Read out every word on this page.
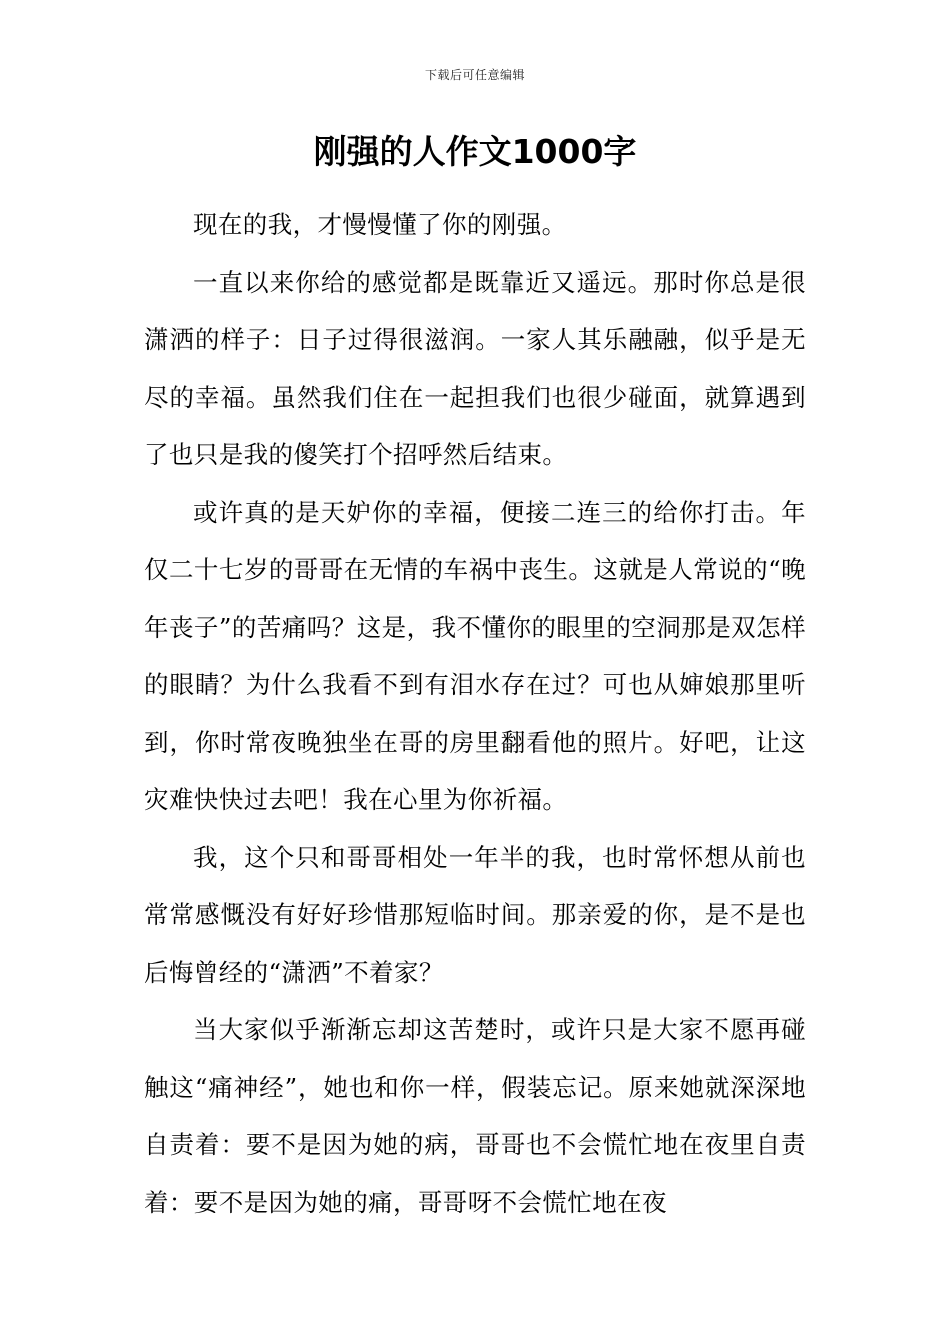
下载后可任意编辑
刚强的人作文1000字

现在的我，才慢慢懂了你的刚强。

一直以来你给的感觉都是既靠近又遥远。那时你总是很潇洒的样子：日子过得很滋润。一家人其乐融融，似乎是无尽的幸福。虽然我们住在一起担我们也很少碰面，就算遇到了也只是我的傻笑打个招呼然后结束。

或许真的是天妒你的幸福，便接二连三的给你打击。年仅二十七岁的哥哥在无情的车祸中丧生。这就是人常说的“晚年丧子”的苦痛吗？这是，我不懂你的眼里的空洞那是双怎样的眼睛？为什么我看不到有泪水存在过？可也从婶娘那里听到，你时常夜晚独坐在哥的房里翻看他的照片。好吧，让这灾难快快过去吧！我在心里为你祈福。

我，这个只和哥哥相处一年半的我，也时常怀想从前也常常感慨没有好好珍惜那短临时间。那亲爱的你，是不是也后悔曾经的“潇洒”不着家？

当大家似乎渐渐忘却这苦楚时，或许只是大家不愿再碰触这“痛神经”，她也和你一样，假装忘记。原来她就深深地自责着：要不是因为她的病，哥哥也不会慌忙地在夜里自责着：要不是因为她的痛，哥哥呀不会慌忙地在夜
